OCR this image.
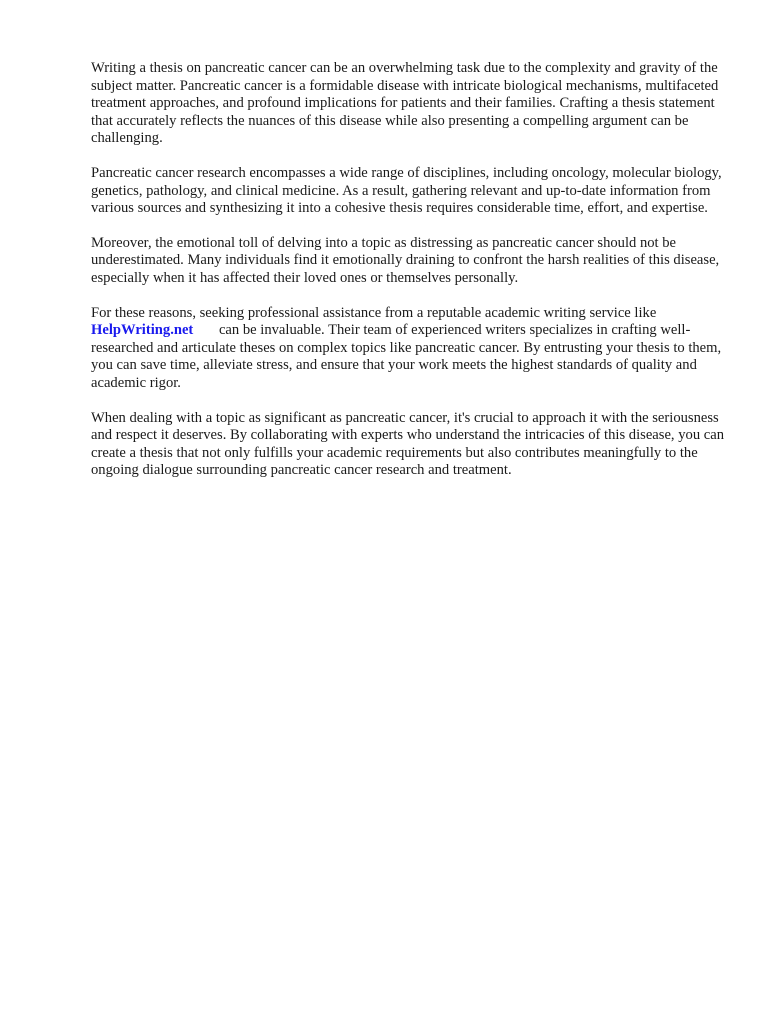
Writing a thesis on pancreatic cancer can be an overwhelming task due to the complexity and gravity of the subject matter. Pancreatic cancer is a formidable disease with intricate biological mechanisms, multifaceted treatment approaches, and profound implications for patients and their families. Crafting a thesis statement that accurately reflects the nuances of this disease while also presenting a compelling argument can be challenging.

Pancreatic cancer research encompasses a wide range of disciplines, including oncology, molecular biology, genetics, pathology, and clinical medicine. As a result, gathering relevant and up-to-date information from various sources and synthesizing it into a cohesive thesis requires considerable time, effort, and expertise.

Moreover, the emotional toll of delving into a topic as distressing as pancreatic cancer should not be underestimated. Many individuals find it emotionally draining to confront the harsh realities of this disease, especially when it has affected their loved ones or themselves personally.

For these reasons, seeking professional assistance from a reputable academic writing service like
HelpWriting.net can be invaluable. Their team of experienced writers specializes in crafting well-researched and articulate theses on complex topics like pancreatic cancer. By entrusting your thesis to them, you can save time, alleviate stress, and ensure that your work meets the highest standards of quality and academic rigor.

When dealing with a topic as significant as pancreatic cancer, it's crucial to approach it with the seriousness and respect it deserves. By collaborating with experts who understand the intricacies of this disease, you can create a thesis that not only fulfills your academic requirements but also contributes meaningfully to the ongoing dialogue surrounding pancreatic cancer research and treatment.
